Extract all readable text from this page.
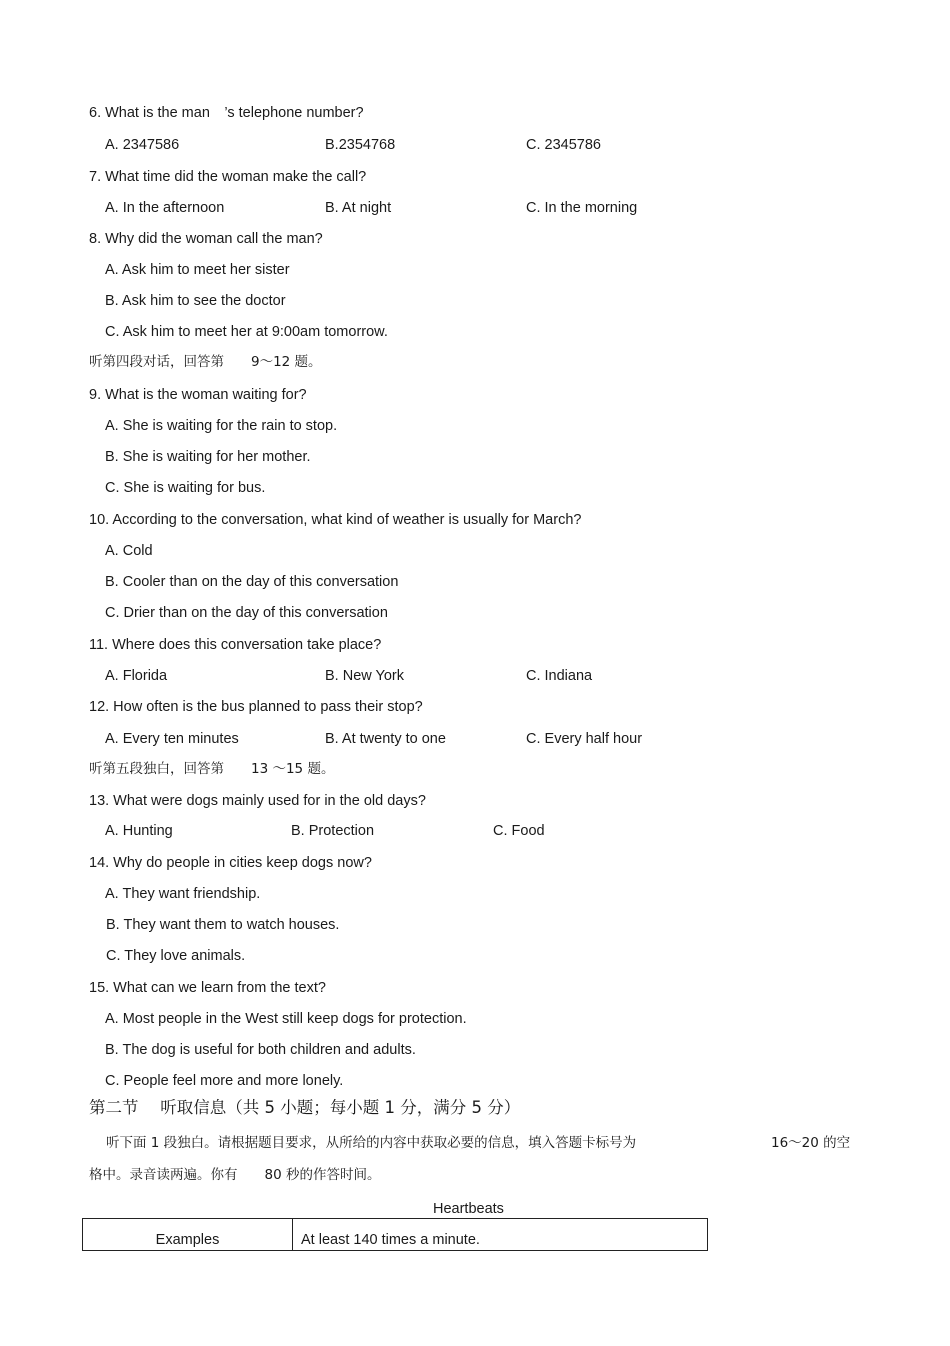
6. What is the man ’s telephone number?
A. 2347586	B.2354768	C. 2345786
7. What time did the woman make the call?
A. In the afternoon	B. At night	C. In the morning
8. Why did the woman call the man?
A. Ask him to meet her sister
B. Ask him to see the doctor
C. Ask him to meet her at 9:00am tomorrow.
听第四段对话，回答第  9～12 题。
9. What is the woman waiting for?
A. She is waiting for the rain to stop.
B. She is waiting for her mother.
C. She is waiting for bus.
10. According to the conversation, what kind of weather is usually for March?
A. Cold
B. Cooler than on the day of this conversation
C. Drier than on the day of this conversation
11. Where does this conversation take place?
A. Florida	B. New York	C. Indiana
12. How often is the bus planned to pass their stop?
A. Every ten minutes	B. At twenty to one	C. Every half hour
听第五段独白，回答第  13 ～15 题。
13. What were dogs mainly used for in the old days?
A. Hunting	B. Protection	C. Food
14. Why do people in cities keep dogs now?
A. They want friendship.
B. They want them to watch houses.
C. They love animals.
15. What can we learn from the text?
A. Most people in the West still keep dogs for protection.
B. The dog is useful for both children and adults.
C. People feel more and more lonely.
第二节  听取信息（共 5 小题；每小题 1 分，满分 5 分）
听下面 1 段独白。请根据题目要求，从所给的内容中获取必要的信息，填入答题卡标号为	16～20 的空
格中。录音读两遍。你有  80 秒的作答时间。
Heartbeats
Examples	At least 140 times a minute.
